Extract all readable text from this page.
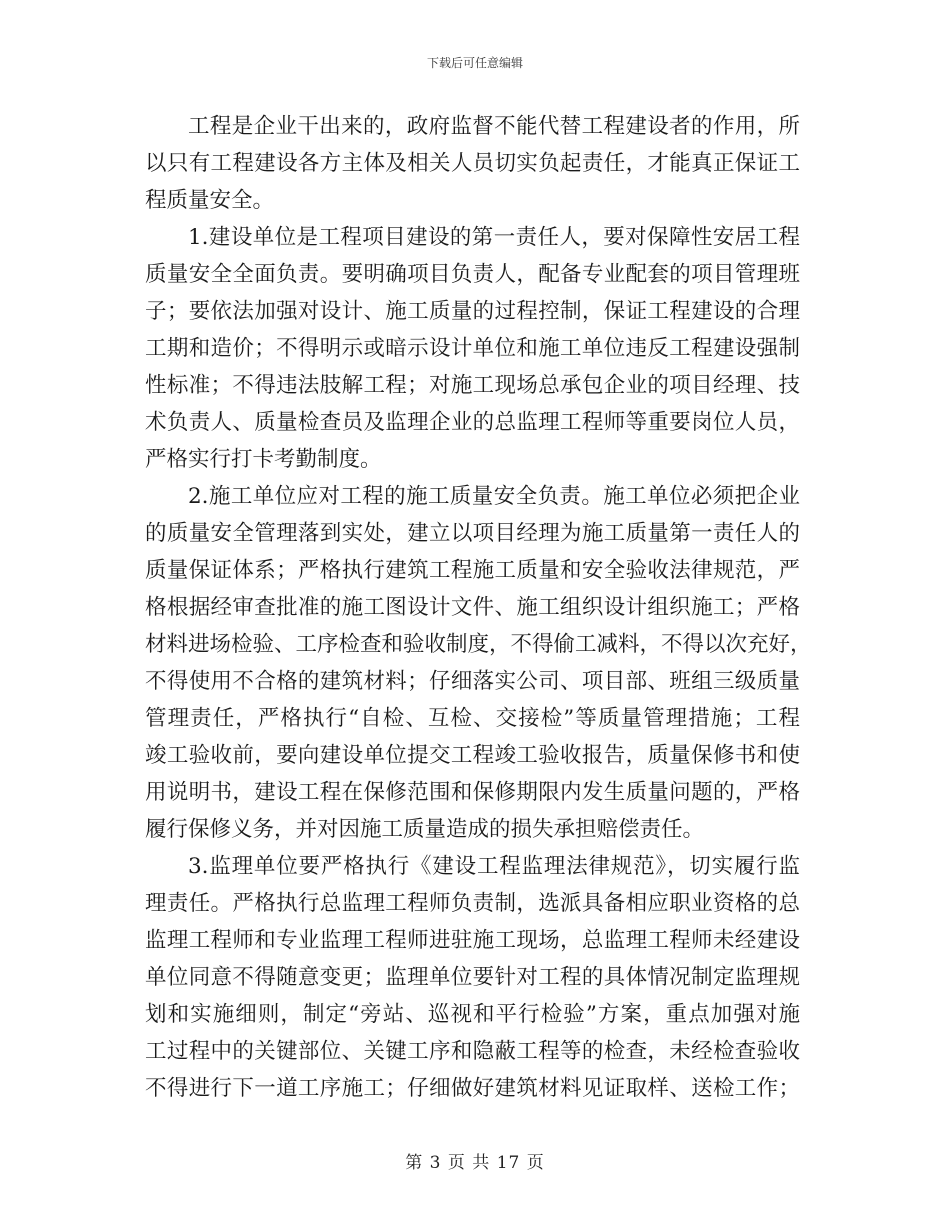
下载后可任意编辑

工程是企业干出来的，政府监督不能代替工程建设者的作用，所
以只有工程建设各方主体及相关人员切实负起责任，才能真正保证工
程质量安全。

1.建设单位是工程项目建设的第一责任人，要对保障性安居工程
质量安全全面负责。要明确项目负责人，配备专业配套的项目管理班
子；要依法加强对设计、施工质量的过程控制，保证工程建设的合理
工期和造价；不得明示或暗示设计单位和施工单位违反工程建设强制
性标准；不得违法肢解工程；对施工现场总承包企业的项目经理、技
术负责人、质量检查员及监理企业的总监理工程师等重要岗位人员，
严格实行打卡考勤制度。

2.施工单位应对工程的施工质量安全负责。施工单位必须把企业
的质量安全管理落到实处，建立以项目经理为施工质量第一责任人的
质量保证体系；严格执行建筑工程施工质量和安全验收法律规范，严
格根据经审查批准的施工图设计文件、施工组织设计组织施工；严格
材料进场检验、工序检查和验收制度，不得偷工减料，不得以次充好，
不得使用不合格的建筑材料；仔细落实公司、项目部、班组三级质量
管理责任，严格执行“自检、互检、交接检”等质量管理措施；工程
竣工验收前，要向建设单位提交工程竣工验收报告，质量保修书和使
用说明书，建设工程在保修范围和保修期限内发生质量问题的，严格
履行保修义务，并对因施工质量造成的损失承担赔偿责任。

3.监理单位要严格执行《建设工程监理法律规范》，切实履行监
理责任。严格执行总监理工程师负责制，选派具备相应职业资格的总
监理工程师和专业监理工程师进驻施工现场，总监理工程师未经建设
单位同意不得随意变更；监理单位要针对工程的具体情况制定监理规
划和实施细则，制定“旁站、巡视和平行检验”方案，重点加强对施
工过程中的关键部位、关键工序和隐蔽工程等的检查，未经检查验收
不得进行下一道工序施工；仔细做好建筑材料见证取样、送检工作；

第 3 页 共 17 页
